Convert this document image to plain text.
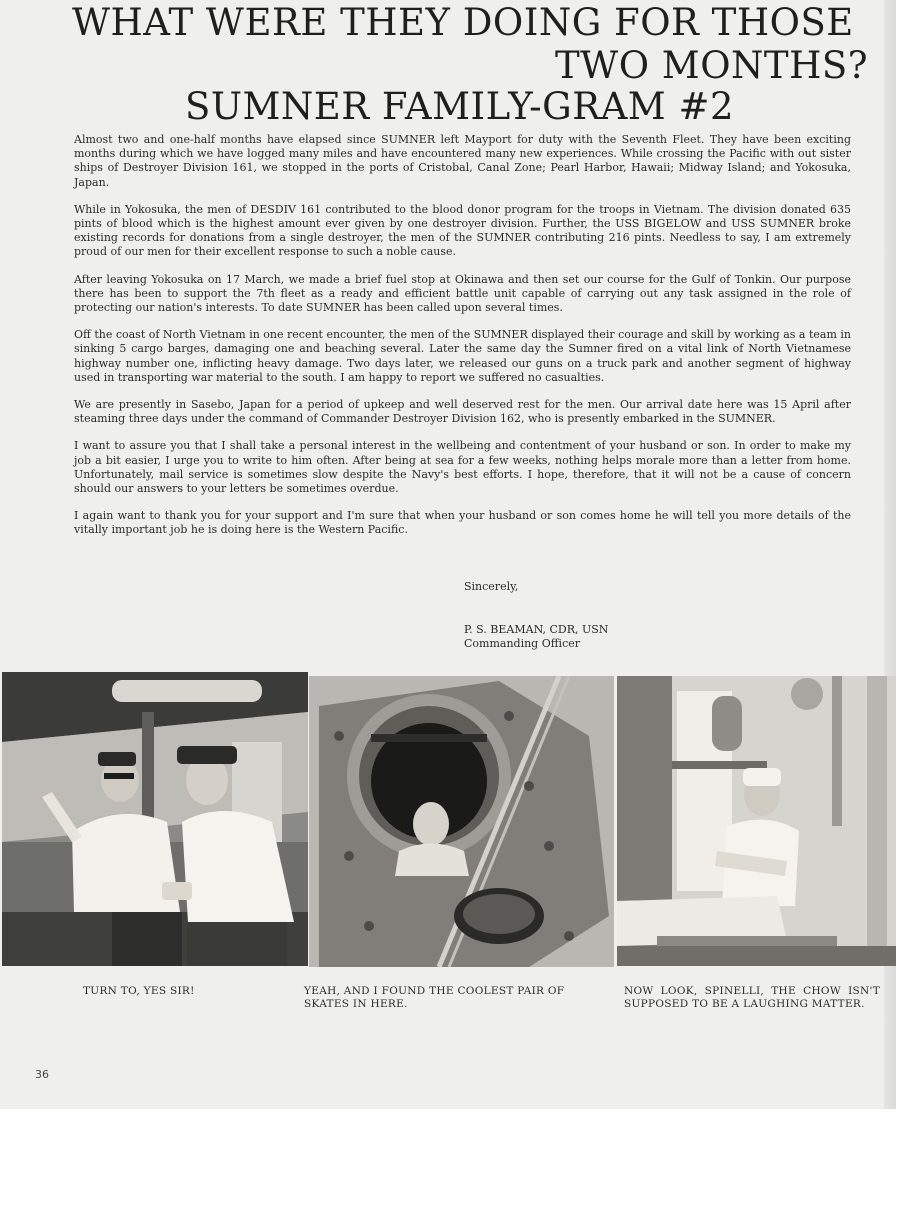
WHAT WERE THEY DOING FOR THOSE
TWO MONTHS?
SUMNER FAMILY-GRAM #2

Almost two and one-half months have elapsed since SUMNER left Mayport for duty with the Seventh Fleet. They have been exciting months during which we have logged many miles and have encountered many new experiences. While crossing the Pacific with out sister ships of Destroyer Division 161, we stopped in the ports of Cristobal, Canal Zone; Pearl Harbor, Hawaii; Midway Island; and Yokosuka, Japan.

While in Yokosuka, the men of DESDIV 161 contributed to the blood donor program for the troops in Vietnam. The division donated 635 pints of blood which is the highest amount ever given by one destroyer division. Further, the USS BIGELOW and USS SUMNER broke existing records for donations from a single destroyer, the men of the SUMNER contributing 216 pints. Needless to say, I am extremely proud of our men for their excellent response to such a noble cause.

After leaving Yokosuka on 17 March, we made a brief fuel stop at Okinawa and then set our course for the Gulf of Tonkin. Our purpose there has been to support the 7th fleet as a ready and efficient battle unit capable of carrying out any task assigned in the role of protecting our nation's interests. To date SUMNER has been called upon several times.

Off the coast of North Vietnam in one recent encounter, the men of the SUMNER displayed their courage and skill by working as a team in sinking 5 cargo barges, damaging one and beaching several. Later the same day the Sumner fired on a vital link of North Vietnamese highway number one, inflicting heavy damage. Two days later, we released our guns on a truck park and another segment of highway used in transporting war material to the south. I am happy to report we suffered no casualties.

We are presently in Sasebo, Japan for a period of upkeep and well deserved rest for the men. Our arrival date here was 15 April after steaming three days under the command of Commander Destroyer Division 162, who is presently embarked in the SUMNER.

I want to assure you that I shall take a personal interest in the wellbeing and contentment of your husband or son. In order to make my job a bit easier, I urge you to write to him often. After being at sea for a few weeks, nothing helps morale more than a letter from home. Unfortunately, mail service is sometimes slow despite the Navy's best efforts. I hope, therefore, that it will not be a cause of concern should our answers to your letters be sometimes overdue.

I again want to thank you for your support and I'm sure that when your husband or son comes home he will tell you more details of the vitally important job he is doing here is the Western Pacific.

Sincerely,
P. S. BEAMAN, CDR, USN
Commanding Officer
TURN TO, YES SIR!	YEAH, AND I FOUND THE COOLEST PAIR OF SKATES IN HERE.
NOW LOOK, SPINELLI, THE CHOW ISN'T SUPPOSED TO BE A LAUGHING MATTER.
36
